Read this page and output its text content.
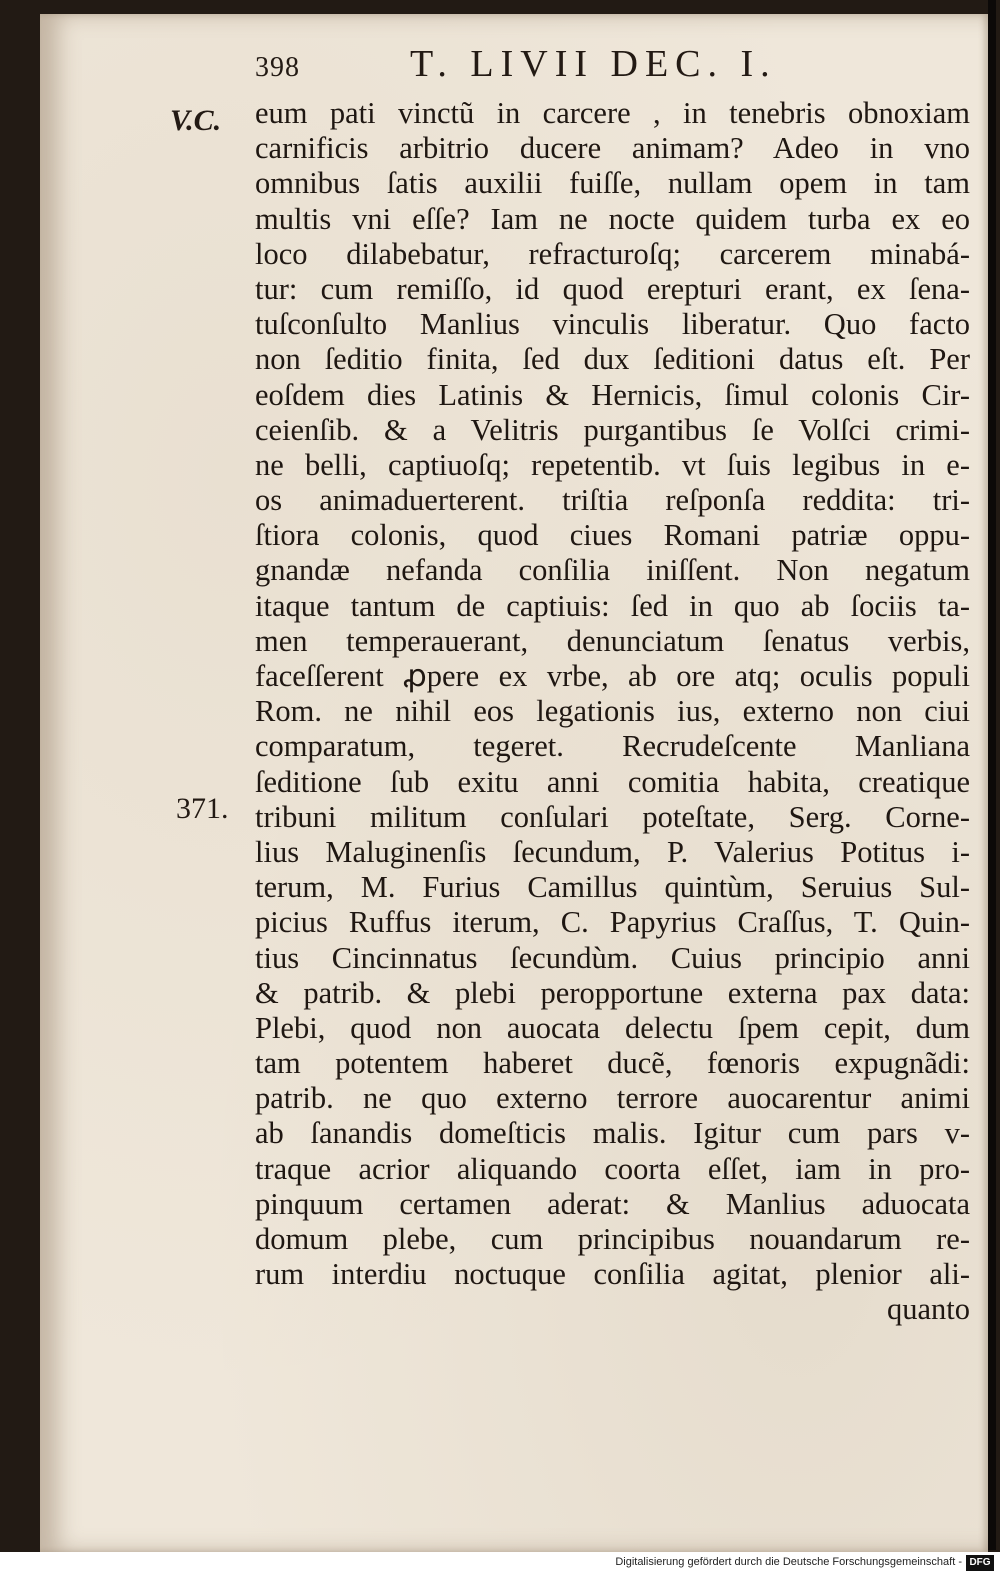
398	T. LIVII DEC. I.
V.C.
371.
eum pati vinctũ in carcere , in tenebris obnoxiam
carnificis arbitrio ducere animam? Adeo in vno
omnibus ſatis auxilii fuiſſe, nullam opem in tam
multis vni eſſe? Iam ne nocte quidem turba ex eo
loco dilabebatur, refracturoſq; carcerem minabá-
tur: cum remiſſo, id quod erepturi erant, ex ſena-
tuſconſulto Manlius vinculis liberatur. Quo facto
non ſeditio finita, ſed dux ſeditioni datus eſt. Per
eoſdem dies Latinis & Hernicis, ſimul colonis Cir-
ceienſib. & a Velitris purgantibus ſe Volſci crimi-
ne belli, captiuoſq; repetentib. vt ſuis legibus in e-
os animaduerterent. triſtia reſponſa reddita: tri-
ſtiora colonis, quod ciues Romani patriæ oppu-
gnandæ nefanda conſilia iniſſent. Non negatum
itaque tantum de captiuis: ſed in quo ab ſociis ta-
men temperauerant, denunciatum ſenatus verbis,
faceſſerent ꝓpere ex vrbe, ab ore atq; oculis populi
Rom. ne nihil eos legationis ius, externo non ciui
comparatum, tegeret. Recrudeſcente Manliana
ſeditione ſub exitu anni comitia habita, creatique
tribuni militum conſulari poteſtate, Serg. Corne-
lius Maluginenſis ſecundum, P. Valerius Potitus i-
terum, M. Furius Camillus quintùm, Seruius Sul-
picius Ruffus iterum, C. Papyrius Craſſus, T. Quin-
tius Cincinnatus ſecundùm. Cuius principio anni
& patrib. & plebi peropportune externa pax data:
Plebi, quod non auocata delectu ſpem cepit, dum
tam potentem haberet ducẽ, fœnoris expugnãdi:
patrib. ne quo externo terrore auocarentur animi
ab ſanandis domeſticis malis. Igitur cum pars v-
traque acrior aliquando coorta eſſet, iam in pro-
pinquum certamen aderat: & Manlius aduocata
domum plebe, cum principibus nouandarum re-
rum interdiu noctuque conſilia agitat, plenior ali-
quanto
Digitalisierung gefördert durch die Deutsche Forschungsgemeinschaft - DFG
